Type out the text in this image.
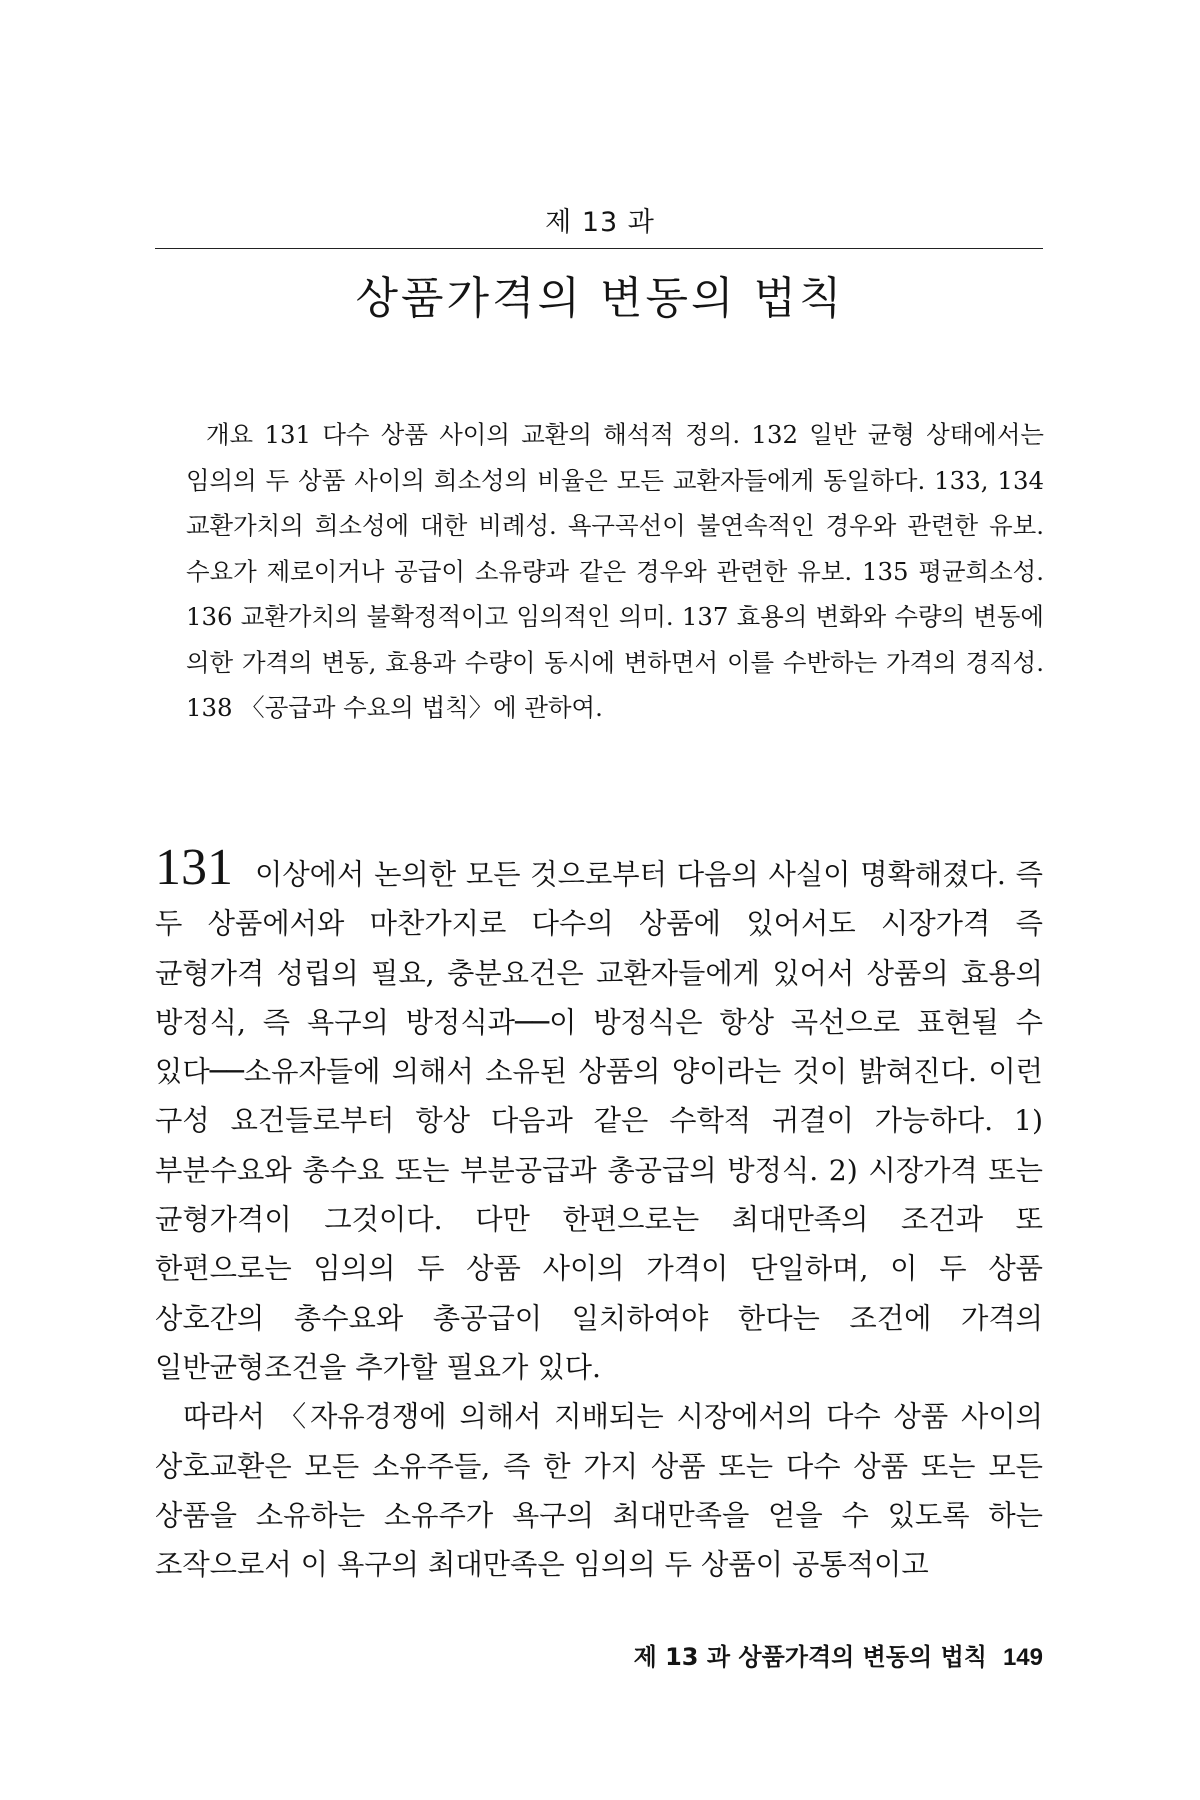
제 13 과
상품가격의 변동의 법칙

개요 131 다수 상품 사이의 교환의 해석적 정의. 132 일반 균형 상태에서는 임의의 두 상품 사이의 희소성의 비율은 모든 교환자들에게 동일하다. 133, 134 교환가치의 희소성에 대한 비례성. 욕구곡선이 불연속적인 경우와 관련한 유보. 수요가 제로이거나 공급이 소유량과 같은 경우와 관련한 유보. 135 평균희소성. 136 교환가치의 불확정적이고 임의적인 의미. 137 효용의 변화와 수량의 변동에 의한 가격의 변동, 효용과 수량이 동시에 변하면서 이를 수반하는 가격의 경직성. 138 〈공급과 수요의 법칙〉에 관하여.

131 이상에서 논의한 모든 것으로부터 다음의 사실이 명확해졌다. 즉 두 상품에서와 마찬가지로 다수의 상품에 있어서도 시장가격 즉 균형가격 성립의 필요, 충분요건은 교환자들에게 있어서 상품의 효용의 방정식, 즉 욕구의 방정식과──이 방정식은 항상 곡선으로 표현될 수 있다──소유자들에 의해서 소유된 상품의 양이라는 것이 밝혀진다. 이런 구성 요건들로부터 항상 다음과 같은 수학적 귀결이 가능하다. 1) 부분수요와 총수요 또는 부분공급과 총공급의 방정식. 2) 시장가격 또는 균형가격이 그것이다. 다만 한편으로는 최대만족의 조건과 또 한편으로는 임의의 두 상품 사이의 가격이 단일하며, 이 두 상품 상호간의 총수요와 총공급이 일치하여야 한다는 조건에 가격의 일반균형조건을 추가할 필요가 있다.

따라서 〈자유경쟁에 의해서 지배되는 시장에서의 다수 상품 사이의 상호교환은 모든 소유주들, 즉 한 가지 상품 또는 다수 상품 또는 모든 상품을 소유하는 소유주가 욕구의 최대만족을 얻을 수 있도록 하는 조작으로서 이 욕구의 최대만족은 임의의 두 상품이 공통적이고

제 13 과 상품가격의 변동의 법칙 149
